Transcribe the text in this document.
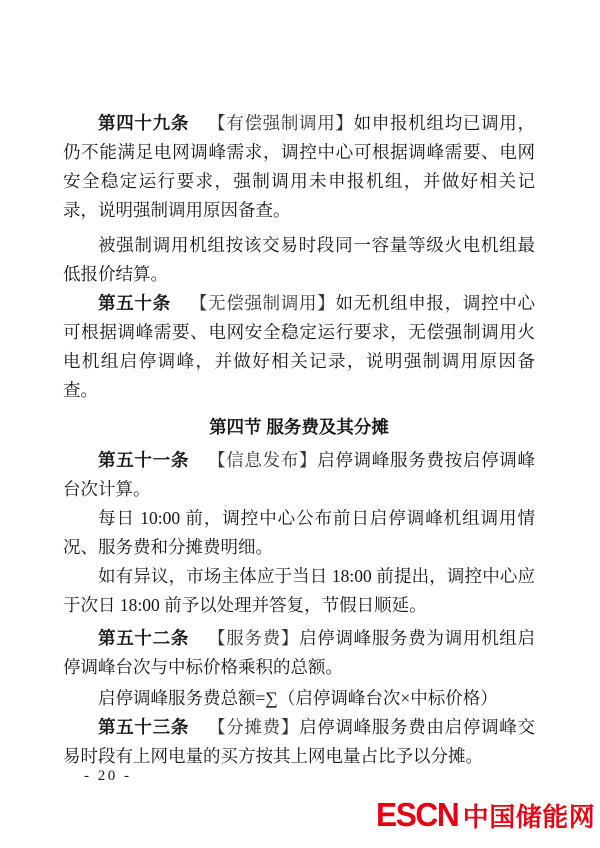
第四十九条 【有偿强制调用】如申报机组均已调用，仍不能满足电网调峰需求，调控中心可根据调峰需要、电网安全稳定运行要求，强制调用未申报机组，并做好相关记录，说明强制调用原因备查。
被强制调用机组按该交易时段同一容量等级火电机组最低报价结算。
第五十条 【无偿强制调用】如无机组申报，调控中心可根据调峰需要、电网安全稳定运行要求，无偿强制调用火电机组启停调峰，并做好相关记录，说明强制调用原因备查。
第四节 服务费及其分摊
第五十一条 【信息发布】启停调峰服务费按启停调峰台次计算。
每日 10:00 前，调控中心公布前日启停调峰机组调用情况、服务费和分摊费明细。
如有异议，市场主体应于当日 18:00 前提出，调控中心应于次日 18:00 前予以处理并答复，节假日顺延。
第五十二条 【服务费】启停调峰服务费为调用机组启停调峰台次与中标价格乘积的总额。
启停调峰服务费总额=∑（启停调峰台次×中标价格）
第五十三条 【分摊费】启停调峰服务费由启停调峰交易时段有上网电量的买方按其上网电量占比予以分摊。
- 20 -
ESCN 中国储能网
